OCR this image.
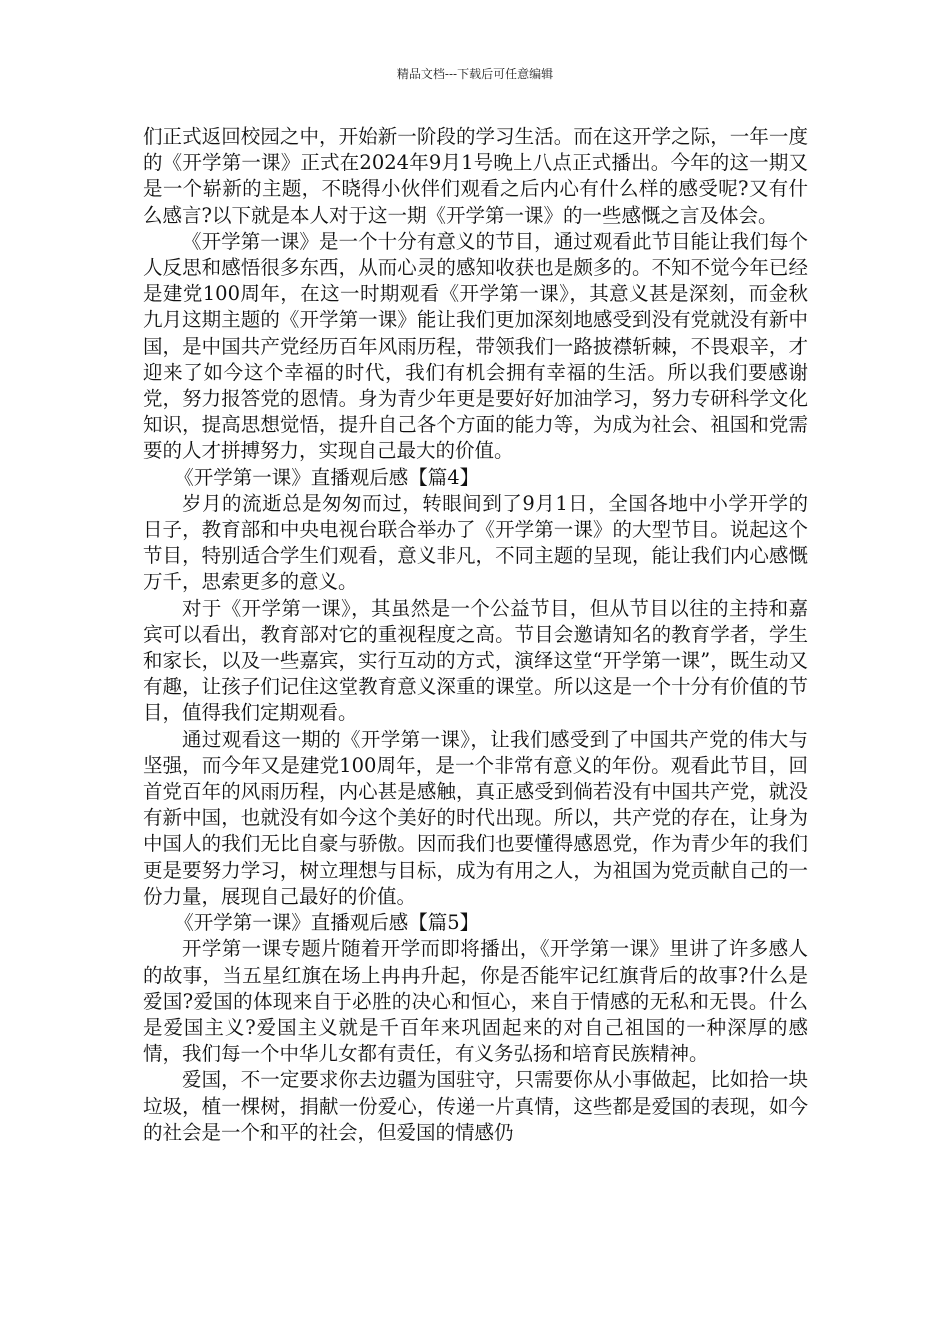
精品文档---下载后可任意编辑

们正式返回校园之中，开始新一阶段的学习生活。而在这开学之际，一年一度的《开学第一课》正式在2024年9月1号晚上八点正式播出。今年的这一期又是一个崭新的主题，不晓得小伙伴们观看之后内心有什么样的感受呢?又有什么感言?以下就是本人对于这一期《开学第一课》的一些感慨之言及体会。

《开学第一课》是一个十分有意义的节目，通过观看此节目能让我们每个人反思和感悟很多东西，从而心灵的感知收获也是颇多的。不知不觉今年已经是建党100周年，在这一时期观看《开学第一课》，其意义甚是深刻，而金秋九月这期主题的《开学第一课》能让我们更加深刻地感受到没有党就没有新中国，是中国共产党经历百年风雨历程，带领我们一路披襟斩棘，不畏艰辛，才迎来了如今这个幸福的时代，我们有机会拥有幸福的生活。所以我们要感谢党，努力报答党的恩情。身为青少年更是要好好加油学习，努力专研科学文化知识，提高思想觉悟，提升自己各个方面的能力等，为成为社会、祖国和党需要的人才拼搏努力，实现自己最大的价值。

《开学第一课》直播观后感【篇4】

岁月的流逝总是匆匆而过，转眼间到了9月1日，全国各地中小学开学的日子，教育部和中央电视台联合举办了《开学第一课》的大型节目。说起这个节目，特别适合学生们观看，意义非凡，不同主题的呈现，能让我们内心感慨万千，思索更多的意义。

对于《开学第一课》，其虽然是一个公益节目，但从节目以往的主持和嘉宾可以看出，教育部对它的重视程度之高。节目会邀请知名的教育学者，学生和家长，以及一些嘉宾，实行互动的方式，演绎这堂“开学第一课”，既生动又有趣，让孩子们记住这堂教育意义深重的课堂。所以这是一个十分有价值的节目，值得我们定期观看。

通过观看这一期的《开学第一课》，让我们感受到了中国共产党的伟大与坚强，而今年又是建党100周年，是一个非常有意义的年份。观看此节目，回首党百年的风雨历程，内心甚是感触，真正感受到倘若没有中国共产党，就没有新中国，也就没有如今这个美好的时代出现。所以，共产党的存在，让身为中国人的我们无比自豪与骄傲。因而我们也要懂得感恩党，作为青少年的我们更是要努力学习，树立理想与目标，成为有用之人，为祖国为党贡献自己的一份力量，展现自己最好的价值。

《开学第一课》直播观后感【篇5】

开学第一课专题片随着开学而即将播出，《开学第一课》里讲了许多感人的故事，当五星红旗在场上冉冉升起，你是否能牢记红旗背后的故事?什么是爱国?爱国的体现来自于必胜的决心和恒心，来自于情感的无私和无畏。什么是爱国主义?爱国主义就是千百年来巩固起来的对自己祖国的一种深厚的感情，我们每一个中华儿女都有责任，有义务弘扬和培育民族精神。

爱国，不一定要求你去边疆为国驻守，只需要你从小事做起，比如拾一块垃圾，植一棵树，捐献一份爱心，传递一片真情，这些都是爱国的表现，如今的社会是一个和平的社会，但爱国的情感仍
